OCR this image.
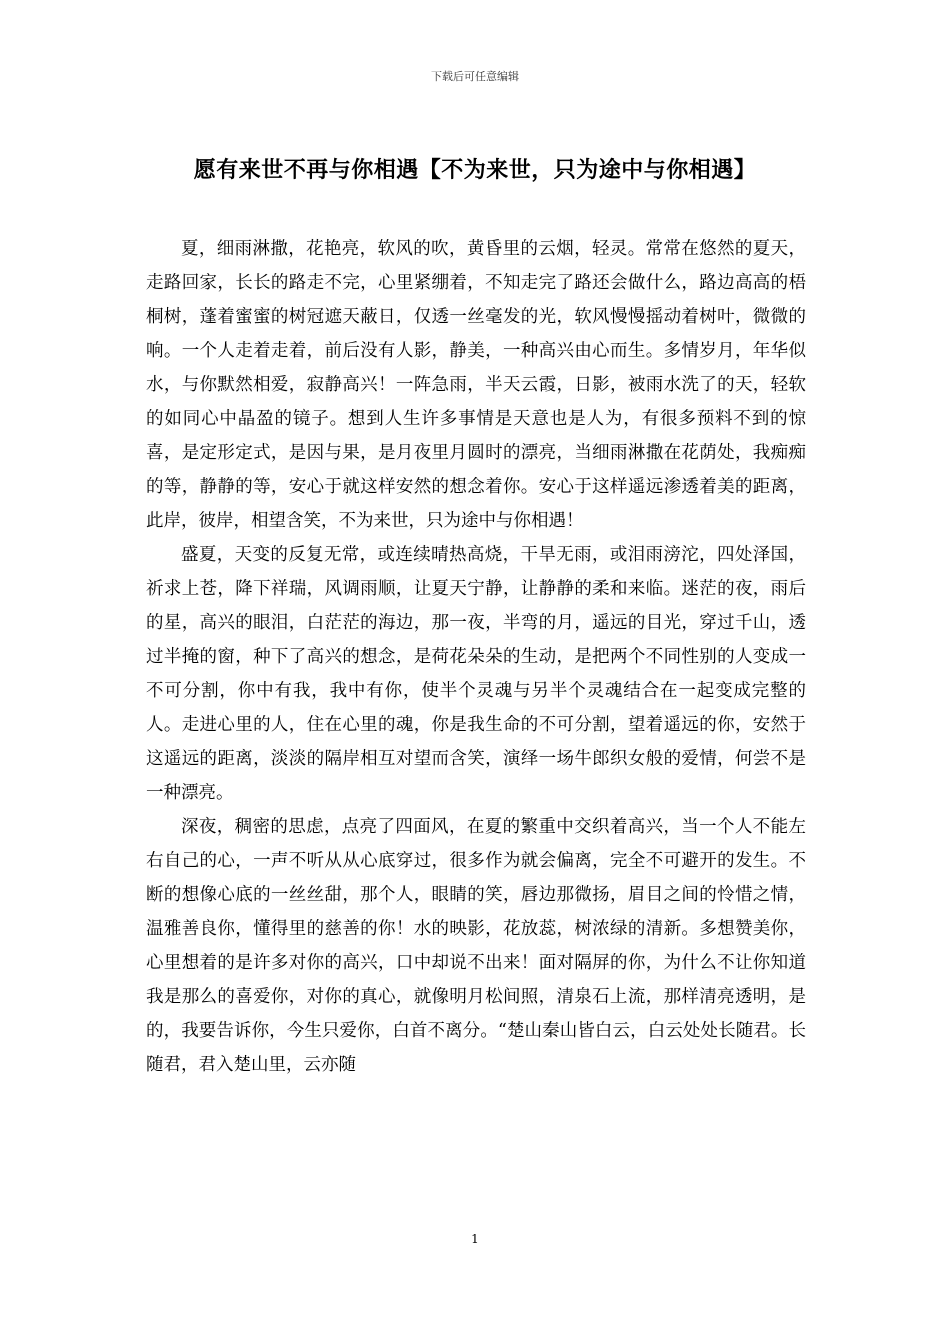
下载后可任意编辑
愿有来世不再与你相遇【不为来世，只为途中与你相遇】

夏，细雨淋撒，花艳亮，软风的吹，黄昏里的云烟，轻灵。常常在悠然的夏天，走路回家，长长的路走不完，心里紧绷着，不知走完了路还会做什么，路边高高的梧桐树，蓬着蜜蜜的树冠遮天蔽日，仅透一丝毫发的光，软风慢慢摇动着树叶，微微的响。一个人走着走着，前后没有人影，静美，一种高兴由心而生。多情岁月，年华似水，与你默然相爱，寂静高兴！一阵急雨，半天云霞，日影，被雨水洗了的天，轻软的如同心中晶盈的镜子。想到人生许多事情是天意也是人为，有很多预料不到的惊喜，是定形定式，是因与果，是月夜里月圆时的漂亮，当细雨淋撒在花荫处，我痴痴的等，静静的等，安心于就这样安然的想念着你。安心于这样遥远渗透着美的距离，此岸，彼岸，相望含笑，不为来世，只为途中与你相遇！

盛夏，天变的反复无常，或连续晴热高烧，干旱无雨，或泪雨滂沱，四处泽国，祈求上苍，降下祥瑞，风调雨顺，让夏天宁静，让静静的柔和来临。迷茫的夜，雨后的星，高兴的眼泪，白茫茫的海边，那一夜，半弯的月，遥远的目光，穿过千山，透过半掩的窗，种下了高兴的想念，是荷花朵朵的生动，是把两个不同性别的人变成一不可分割，你中有我，我中有你，使半个灵魂与另半个灵魂结合在一起变成完整的人。走进心里的人，住在心里的魂，你是我生命的不可分割，望着遥远的你，安然于这遥远的距离，淡淡的隔岸相互对望而含笑，演绎一场牛郎织女般的爱情，何尝不是一种漂亮。

深夜，稠密的思虑，点亮了四面风，在夏的繁重中交织着高兴，当一个人不能左右自己的心，一声不听从从心底穿过，很多作为就会偏离，完全不可避开的发生。不断的想像心底的一丝丝甜，那个人，眼睛的笑，唇边那微扬，眉目之间的怜惜之情，温雅善良你，懂得里的慈善的你！水的映影，花放蕊，树浓绿的清新。多想赞美你，心里想着的是许多对你的高兴，口中却说不出来！面对隔屏的你，为什么不让你知道我是那么的喜爱你，对你的真心，就像明月松间照，清泉石上流，那样清亮透明，是的，我要告诉你，今生只爱你，白首不离分。“楚山秦山皆白云，白云处处长随君。长随君，君入楚山里，云亦随

1
